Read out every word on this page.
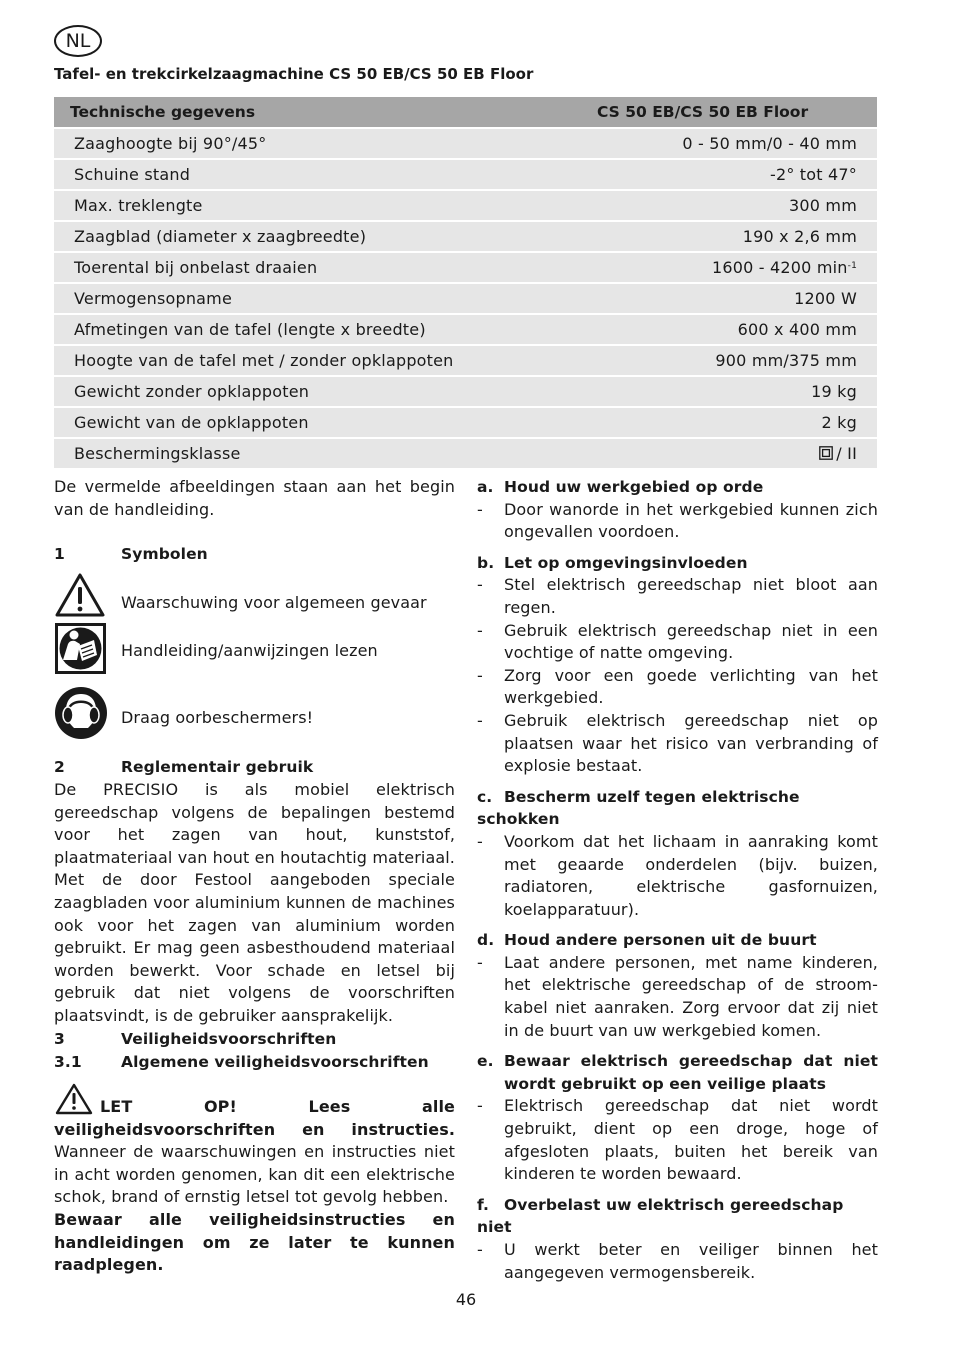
NL
Tafel- en trekcirkelzaagmachine CS 50 EB/CS 50 EB Floor
Technische gegevens	CS 50 EB/CS 50 EB Floor
Zaaghoogte bij 90°/45°	0 - 50 mm/0 - 40 mm
Schuine stand	-2° tot 47°
Max. treklengte	300 mm
Zaagblad (diameter x zaagbreedte)	190 x 2,6 mm
Toerental bij onbelast draaien	1600 - 4200 $\min^{-1}$
Vermogensopname	1200 W
Afmetingen van de tafel (lengte x breedte)	600 x 400 mm
Hoogte van de tafel met / zonder opklappoten	900 mm/375 mm
Gewicht zonder opklappoten	19 kg
Gewicht van de opklappoten	2 kg
Beschermingsklasse	/ II
De vermelde afbeeldingen staan aan het begin van de handleiding.
1	Symbolen
Waarschuwing voor algemeen gevaar
Handleiding/aanwijzingen lezen
Draag oorbeschermers!
2	Reglementair gebruik
De PRECISIO is als mobiel elektrisch gereedschap volgens de bepalingen bestemd voor het zagen van hout, kunststof, plaatmateriaal van hout en houtachtig materiaal. Met de door Festool aangeboden speciale zaagbladen voor aluminium kunnen de machines ook voor het zagen van aluminium worden gebruikt. Er mag geen asbesthoudend materiaal worden bewerkt. Voor schade en letsel bij gebruik dat niet volgens de voorschriften plaatsvindt, is de gebruiker aansprakelijk.
3	Veiligheidsvoorschriften
3.1	Algemene veiligheidsvoorschriften
LET OP! Lees alle veiligheidsvoorschriften en instructies. Wanneer de waarschuwingen en instructies niet in acht worden genomen, kan dit een elektrische schok, brand of ernstig letsel tot gevolg hebben.
Bewaar alle veiligheidsinstructies en handleidingen om ze later te kunnen raadplegen.
a. Houd uw werkgebied op orde
- Door wanorde in het werkgebied kunnen zich ongevallen voordoen.
b. Let op omgevingsinvloeden
- Stel elektrisch gereedschap niet bloot aan regen.
- Gebruik elektrisch gereedschap niet in een vochtige of natte omgeving.
- Zorg voor een goede verlichting van het werkgebied.
- Gebruik elektrisch gereedschap niet op plaatsen waar het risico van verbranding of explosie bestaat.
c. Bescherm uzelf tegen elektrische schokken
- Voorkom dat het lichaam in aanraking komt met geaarde onderdelen (bijv. buizen, radiatoren, elektrische gasfornuizen, koelapparatuur).
d. Houd andere personen uit de buurt
- Laat andere personen, met name kinderen, het elektrische gereedschap of de stroom-kabel niet aanraken. Zorg ervoor dat zij niet in de buurt van uw werkgebied komen.
e. Bewaar elektrisch gereedschap dat niet wordt gebruikt op een veilige plaats
- Elektrisch gereedschap dat niet wordt gebruikt, dient op een droge, hoge of afgesloten plaats, buiten het bereik van kinderen te worden bewaard.
f. Overbelast uw elektrisch gereedschap niet
- U werkt beter en veiliger binnen het aangegeven vermogensbereik.
46
